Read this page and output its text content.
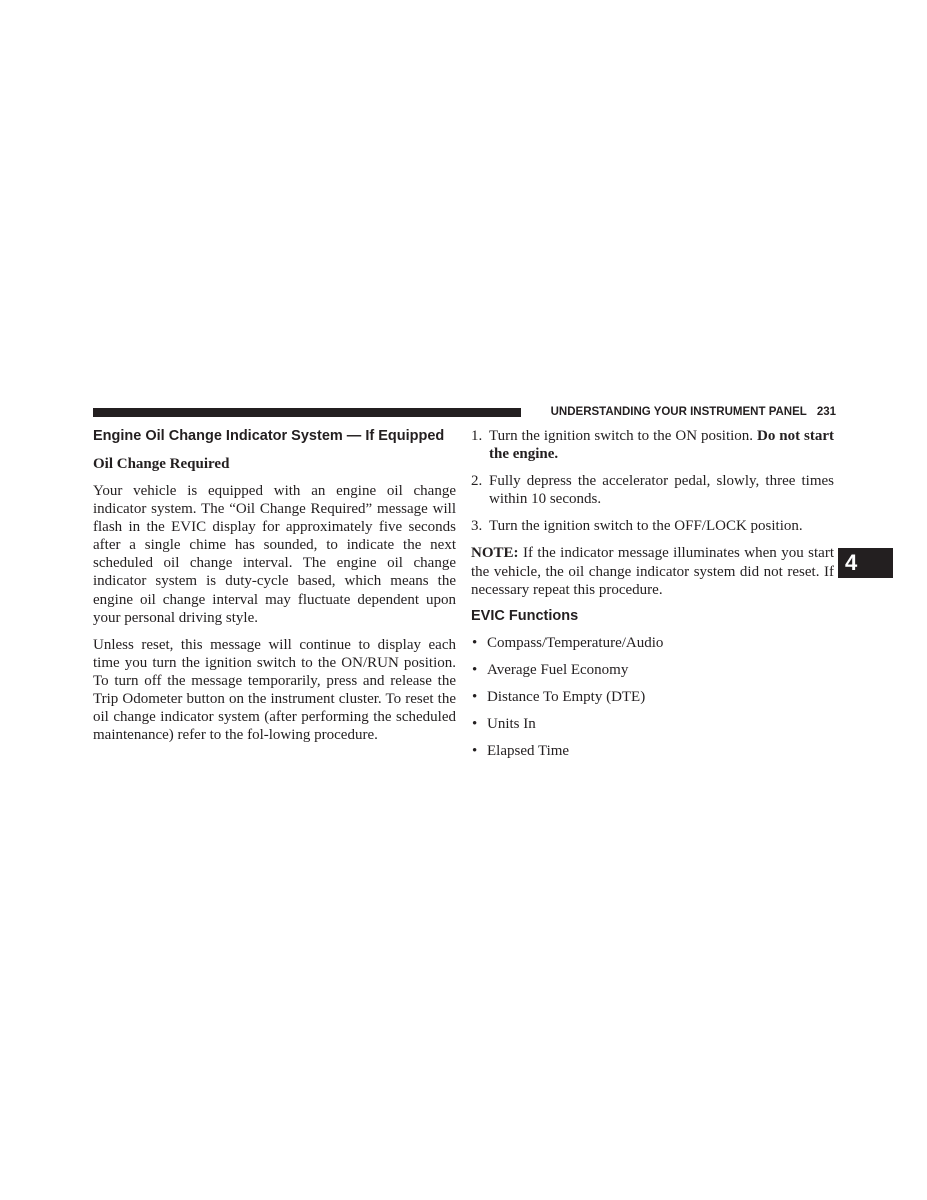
UNDERSTANDING YOUR INSTRUMENT PANEL 231
4
Engine Oil Change Indicator System — If Equipped
Oil Change Required

Your vehicle is equipped with an engine oil change indicator system. The “Oil Change Required” message will flash in the EVIC display for approximately five seconds after a single chime has sounded, to indicate the next scheduled oil change interval. The engine oil change indicator system is duty-cycle based, which means the engine oil change interval may fluctuate dependent upon your personal driving style.

Unless reset, this message will continue to display each time you turn the ignition switch to the ON/RUN position. To turn off the message temporarily, press and release the Trip Odometer button on the instrument cluster. To reset the oil change indicator system (after performing the scheduled maintenance) refer to the fol-lowing procedure.

1. Turn the ignition switch to the ON position. Do not start the engine.
2. Fully depress the accelerator pedal, slowly, three times within 10 seconds.
3. Turn the ignition switch to the OFF/LOCK position.

NOTE: If the indicator message illuminates when you start the vehicle, the oil change indicator system did not reset. If necessary repeat this procedure.

EVIC Functions
• Compass/Temperature/Audio
• Average Fuel Economy
• Distance To Empty (DTE)
• Units In
• Elapsed Time
